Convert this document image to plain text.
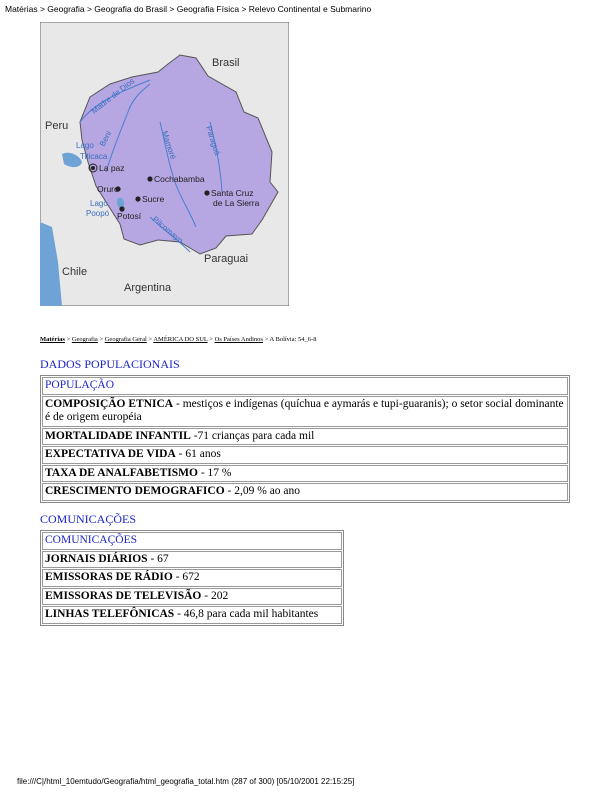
Matérias > Geografia > Geografia do Brasil > Geografia Física > Relevo Continental e Submarino
Brasil
Peru
Chile
Argentina
Paraguai
Madre de Dios
Beni	Mamoré	Paraguá
Lago
Titicaca
Lago
Poopó
Pilcomayo
La paz
Cochabamba
Santa Cruz
de La Sierra
Oruro
Sucre
Potosí
Matérias > Geografia > Geografia Geral > AMÉRICA DO SUL > Os Países Andinos > A Bolívia: 54_6-8
DADOS POPULACIONAIS
POPULAÇÃO
COMPOSIÇÃO ETNICA - mestiços e indígenas (quíchua e aymarás e tupi-guaranis); o setor social dominante é de origem européia
MORTALIDADE INFANTIL -71 crianças para cada mil
EXPECTATIVA DE VIDA - 61 anos
TAXA DE ANALFABETISMO - 17 %
CRESCIMENTO DEMOGRAFICO - 2,09 % ao ano
COMUNICAÇÕES
COMUNICAÇÕES
JORNAIS DIÁRIOS - 67
EMISSORAS DE RÁDIO - 672
EMISSORAS DE TELEVISÃO - 202
LINHAS TELEFÔNICAS - 46,8 para cada mil habitantes
file:///C|/html_10emtudo/Geografia/html_geografia_total.htm (287 of 300) [05/10/2001 22:15:25]
